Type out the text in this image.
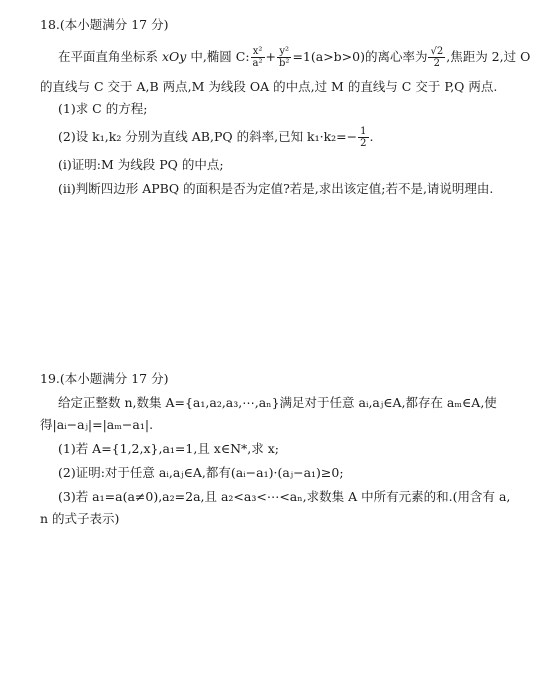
18.(本小题满分 17 分)
在平面直角坐标系 xOy 中,椭圆 C: $\frac{\text{x²}}{\text{a²}} + \frac{\text{y²}}{\text{b²}} =1(a>b>0)$的离心率为 $\frac{√2}{2}$ ,焦距为 2,过 O
的直线与 C 交于 A,B 两点,M 为线段 OA 的中点,过 M 的直线与 C 交于 P,Q 两点.
(1)求 C 的方程;
(2)设 k₁,k₂ 分别为直线 AB,PQ 的斜率,已知 $k_1\cdot k_2=- \frac{1}{2}$ .
(i)证明:M 为线段 PQ 的中点;
(ii)判断四边形 APBQ 的面积是否为定值?若是,求出该定值;若不是,请说明理由.
19.(本小题满分 17 分)
给定正整数 n,数集 A={a₁,a₂,a₃,⋯,aₙ}满足对于任意 aᵢ,aⱼ∈A,都存在 aₘ∈A,使
得|aᵢ−aⱼ|=|aₘ−a₁|.
(1)若 A={1,2,x},a₁=1,且 x∈N*,求 x;
(2)证明:对于任意 aᵢ,aⱼ∈A,都有(aᵢ−a₁)·(aⱼ−a₁)≥0;
(3)若 a₁=a(a≠0),a₂=2a,且 a₂<a₃<⋯<aₙ,求数集 A 中所有元素的和.(用含有 a,
n 的式子表示)
